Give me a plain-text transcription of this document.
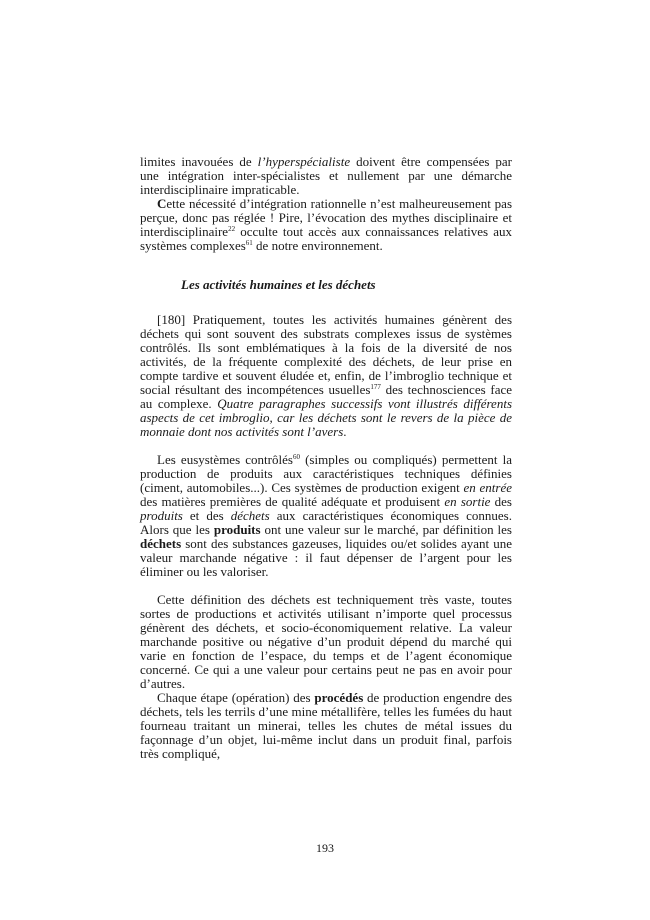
limites inavouées de l’hyperspécialiste doivent être compensées par une intégration inter-spécialistes et nullement par une démarche interdisciplinaire impraticable.

Cette nécessité d’intégration rationnelle n’est malheureusement pas perçue, donc pas réglée ! Pire, l’évocation des mythes disciplinaire et interdisciplinaire$^{22}$ occulte tout accès aux connaissances relatives aux systèmes complexes$^{61}$ de notre environnement.

Les activités humaines et les déchets

[180] Pratiquement, toutes les activités humaines génèrent des déchets qui sont souvent des substrats complexes issus de systèmes contrôlés. Ils sont emblématiques à la fois de la diversité de nos activités, de la fréquente complexité des déchets, de leur prise en compte tardive et souvent éludée et, enfin, de l’imbroglio technique et social résultant des incompétences usuelles$^{177}$ des technosciences face au complexe. Quatre paragraphes successifs vont illustrés différents aspects de cet imbroglio, car les déchets sont le revers de la pièce de monnaie dont nos activités sont l’avers.

Les eusystèmes contrôlés$^{60}$ (simples ou compliqués) permettent la production de produits aux caractéristiques techniques définies (ciment, automobiles...). Ces systèmes de production exigent en entrée des matières premières de qualité adéquate et produisent en sortie des produits et des déchets aux caractéristiques économiques connues. Alors que les produits ont une valeur sur le marché, par définition les déchets sont des substances gazeuses, liquides ou/et solides ayant une valeur marchande négative : il faut dépenser de l’argent pour les éliminer ou les valoriser.

Cette définition des déchets est techniquement très vaste, toutes sortes de productions et activités utilisant n’importe quel processus génèrent des déchets, et socio-économiquement relative. La valeur marchande positive ou négative d’un produit dépend du marché qui varie en fonction de l’espace, du temps et de l’agent économique concerné. Ce qui a une valeur pour certains peut ne pas en avoir pour d’autres.

Chaque étape (opération) des procédés de production engendre des déchets, tels les terrils d’une mine métallifère, telles les fumées du haut fourneau traitant un minerai, telles les chutes de métal issues du façonnage d’un objet, lui-même inclut dans un produit final, parfois très compliqué,

193
